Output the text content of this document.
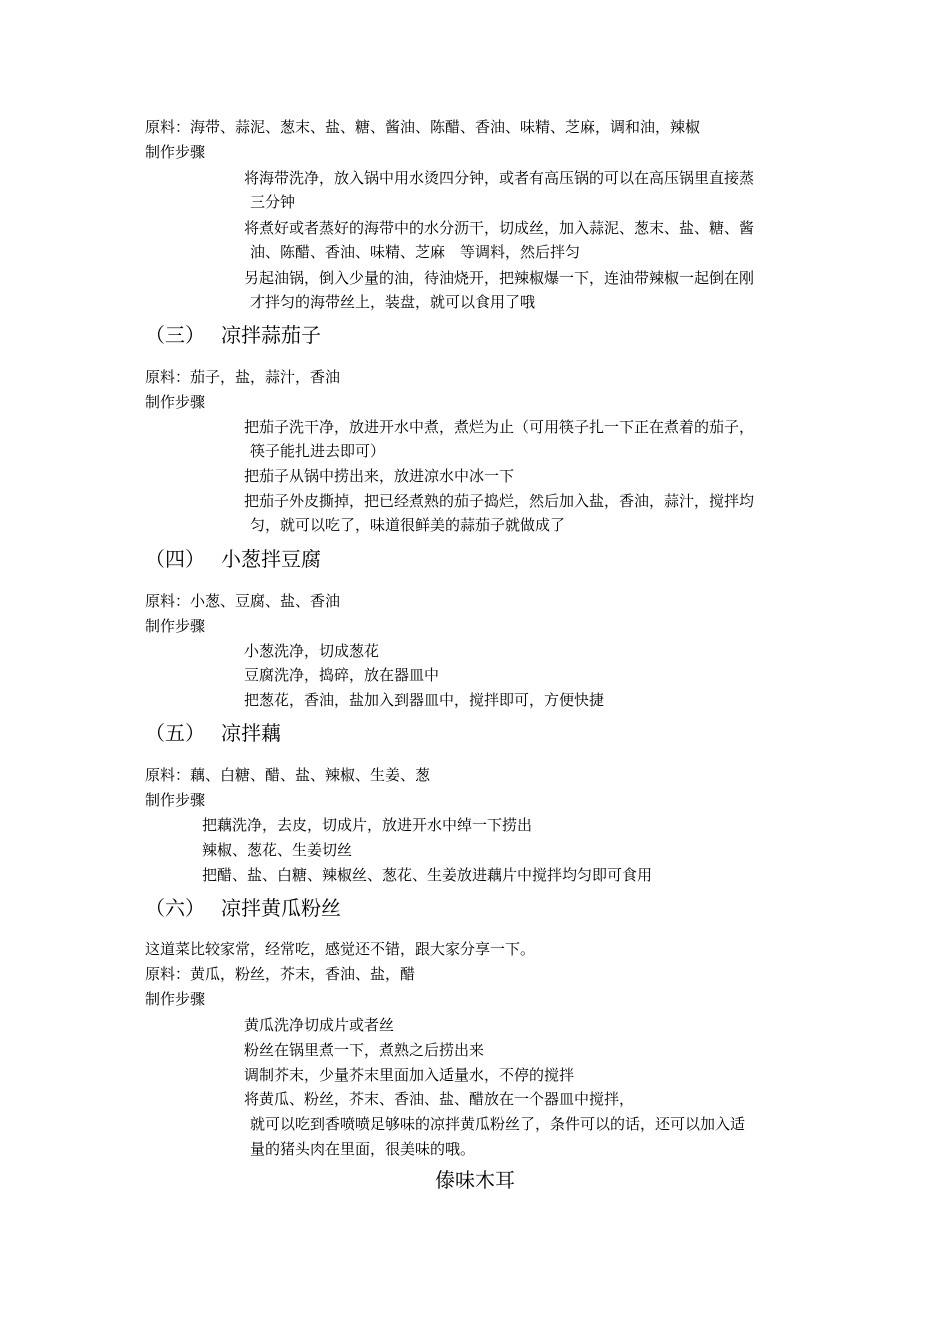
原料：海带、蒜泥、葱末、盐、糖、酱油、陈醋、香油、味精、芝麻，调和油，辣椒
制作步骤
将海带洗净，放入锅中用水烫四分钟，或者有高压锅的可以在高压锅里直接蒸
三分钟
将煮好或者蒸好的海带中的水分沥干，切成丝，加入蒜泥、葱末、盐、糖、酱
油、陈醋、香油、味精、芝麻　等调料，然后拌匀
另起油锅，倒入少量的油，待油烧开，把辣椒爆一下，连油带辣椒一起倒在刚
才拌匀的海带丝上，装盘，就可以食用了哦
（三） 凉拌蒜茄子
原料：茄子，盐，蒜汁，香油
制作步骤
把茄子洗干净，放进开水中煮，煮烂为止（可用筷子扎一下正在煮着的茄子，
筷子能扎进去即可）
把茄子从锅中捞出来，放进凉水中冰一下
把茄子外皮撕掉，把已经煮熟的茄子捣烂，然后加入盐，香油，蒜汁，搅拌均
匀，就可以吃了，味道很鲜美的蒜茄子就做成了
（四） 小葱拌豆腐
原料：小葱、豆腐、盐、香油
制作步骤
小葱洗净，切成葱花
豆腐洗净，捣碎，放在器皿中
把葱花，香油，盐加入到器皿中，搅拌即可，方便快捷
（五） 凉拌藕
原料：藕、白糖、醋、盐、辣椒、生姜、葱
制作步骤
把藕洗净，去皮，切成片，放进开水中绰一下捞出
辣椒、葱花、生姜切丝
把醋、盐、白糖、辣椒丝、葱花、生姜放进藕片中搅拌均匀即可食用
（六） 凉拌黄瓜粉丝
这道菜比较家常，经常吃，感觉还不错，跟大家分享一下。
原料：黄瓜，粉丝，芥末，香油、盐，醋
制作步骤
黄瓜洗净切成片或者丝
粉丝在锅里煮一下，煮熟之后捞出来
调制芥末，少量芥末里面加入适量水，不停的搅拌
将黄瓜、粉丝，芥末、香油、盐、醋放在一个器皿中搅拌，
就可以吃到香喷喷足够味的凉拌黄瓜粉丝了，条件可以的话，还可以加入适
量的猪头肉在里面，很美味的哦。
傣味木耳
